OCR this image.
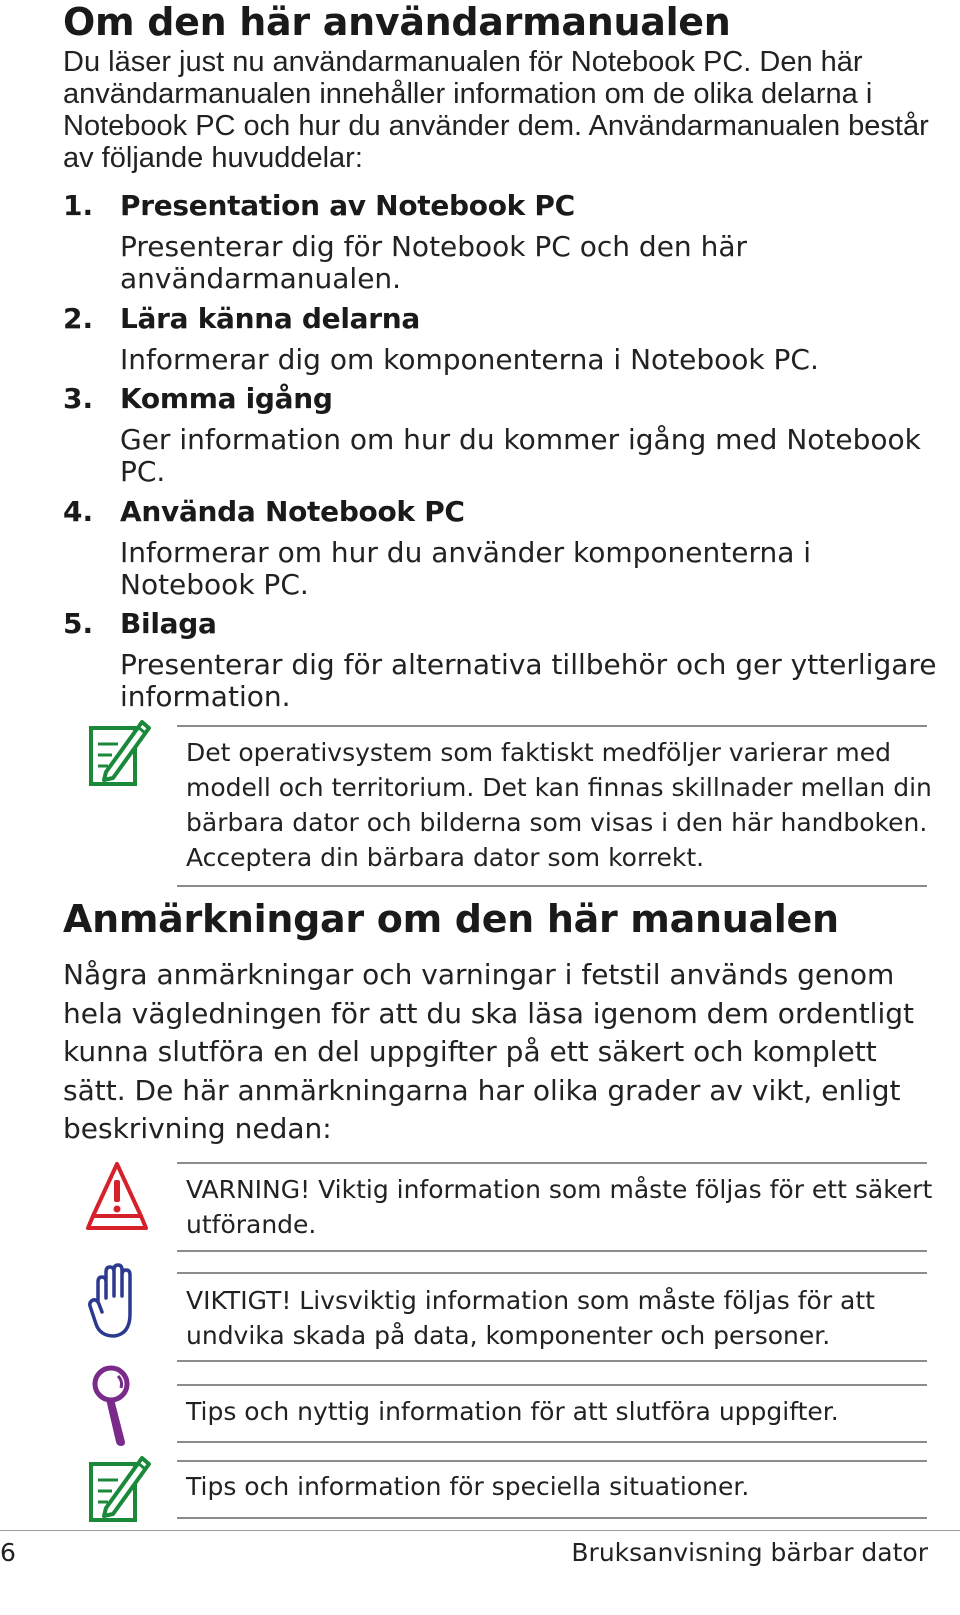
Om den här användarmanualen
Du läser just nu användarmanualen för Notebook PC. Den här användarmanualen innehåller information om de olika delarna i Notebook PC och hur du använder dem. Användarmanualen består av följande huvuddelar:
1. Presentation av Notebook PC
Presenterar dig för Notebook PC och den här användarmanualen.
2. Lära känna delarna
Informerar dig om komponenterna i Notebook PC.
3. Komma igång
Ger information om hur du kommer igång med Notebook PC.
4. Använda Notebook PC
Informerar om hur du använder komponenterna i Notebook PC.
5. Bilaga
Presenterar dig för alternativa tillbehör och ger ytterligare information.
Det operativsystem som faktiskt medföljer varierar med modell och territorium. Det kan finnas skillnader mellan din bärbara dator och bilderna som visas i den här handboken. Acceptera din bärbara dator som korrekt.
Anmärkningar om den här manualen
Några anmärkningar och varningar i fetstil används genom hela vägledningen för att du ska läsa igenom dem ordentligt kunna slutföra en del uppgifter på ett säkert och komplett sätt. De här anmärkningarna har olika grader av vikt, enligt beskrivning nedan:
VARNING! Viktig information som måste följas för ett säkert utförande.
VIKTIGT! Livsviktig information som måste följas för att undvika skada på data, komponenter och personer.
Tips och nyttig information för att slutföra uppgifter.
Tips och information för speciella situationer.
6	Bruksanvisning bärbar dator
